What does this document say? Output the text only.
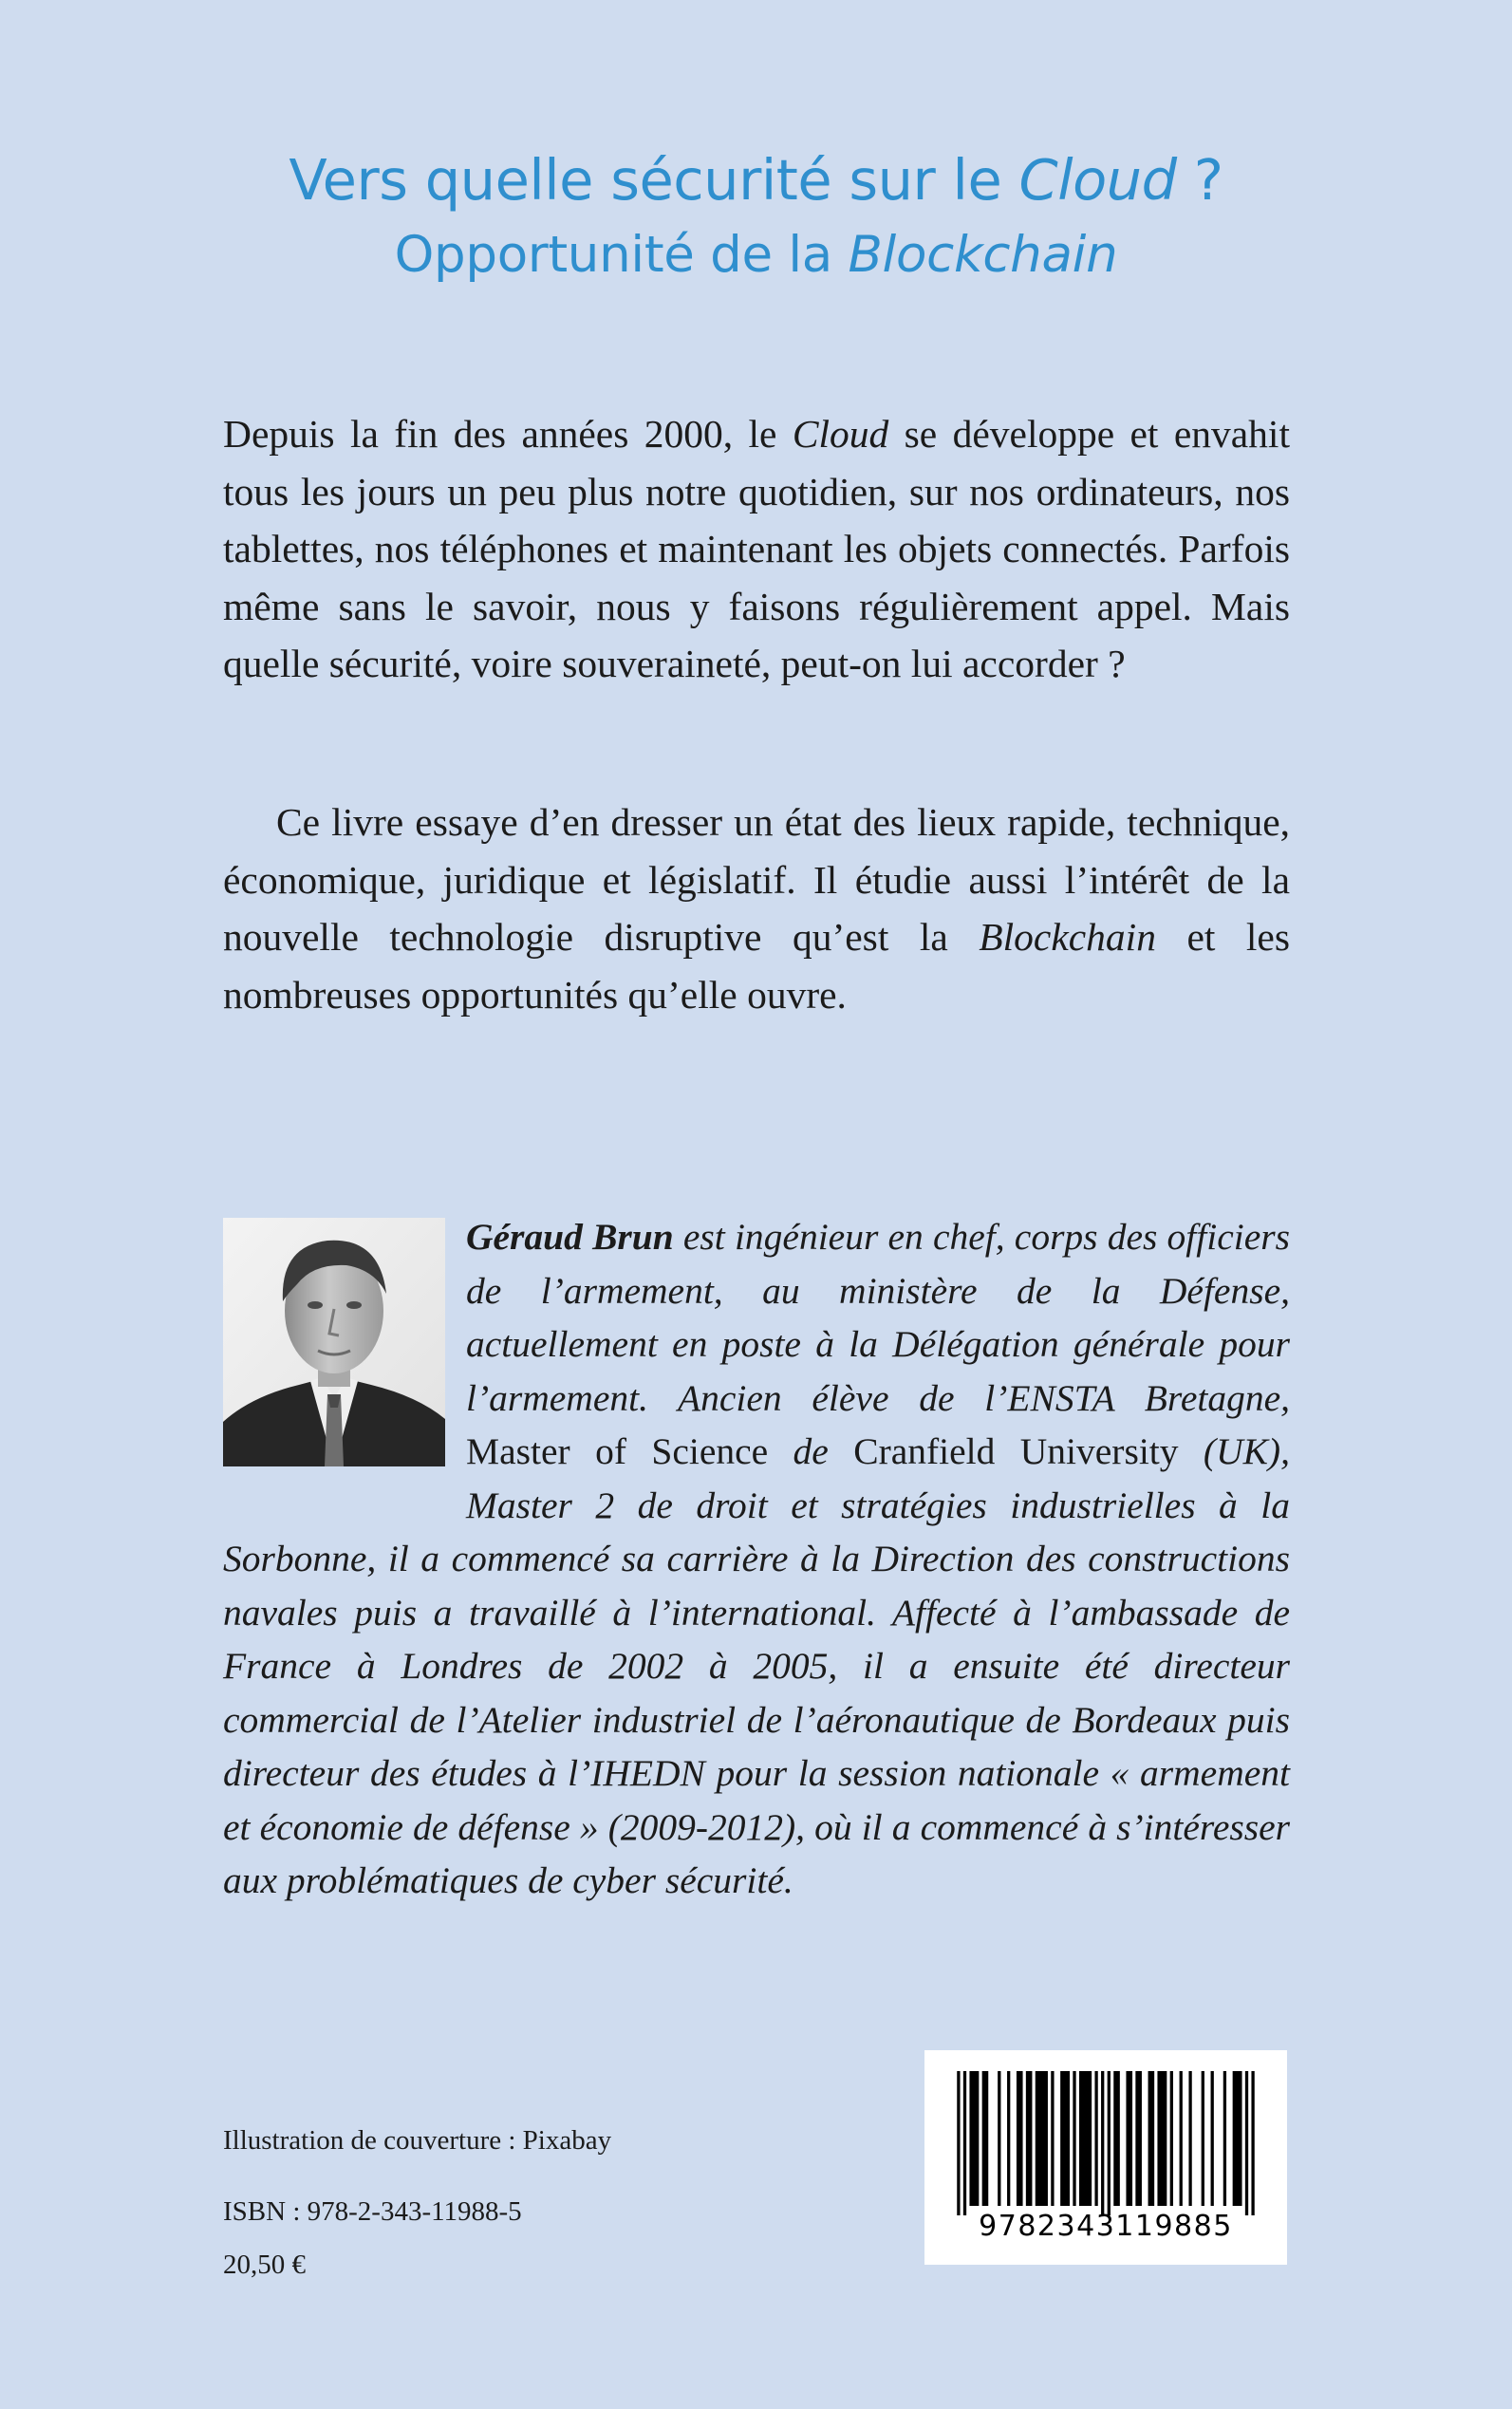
Vers quelle sécurité sur le Cloud ?
Opportunité de la Blockchain

Depuis la fin des années 2000, le Cloud se développe et envahit tous les jours un peu plus notre quotidien, sur nos ordinateurs, nos tablettes, nos téléphones et maintenant les objets connectés. Parfois même sans le savoir, nous y faisons régulièrement appel. Mais quelle sécurité, voire souveraineté, peut-on lui accorder ?

Ce livre essaye d’en dresser un état des lieux rapide, technique, économique, juridique et législatif. Il étudie aussi l’intérêt de la nouvelle technologie disruptive qu’est la Blockchain et les nombreuses opportunités qu’elle ouvre.

Géraud Brun est ingénieur en chef, corps des officiers de l’armement, au ministère de la Défense, actuellement en poste à la Délégation générale pour l’armement. Ancien élève de l’ENSTA Bretagne, Master of Science de Cranfield University (UK), Master 2 de droit et stratégies industrielles à la Sorbonne, il a commencé sa carrière à la Direction des constructions navales puis a travaillé à l’international. Affecté à l’ambassade de France à Londres de 2002 à 2005, il a ensuite été directeur commercial de l’Atelier industriel de l’aéronautique de Bordeaux puis directeur des études à l’IHEDN pour la session nationale « armement et économie de défense » (2009-2012), où il a commencé à s’intéresser aux problématiques de cyber sécurité.

Illustration de couverture : Pixabay
ISBN : 978-2-343-11988-5
20,50 €
9782343119885
